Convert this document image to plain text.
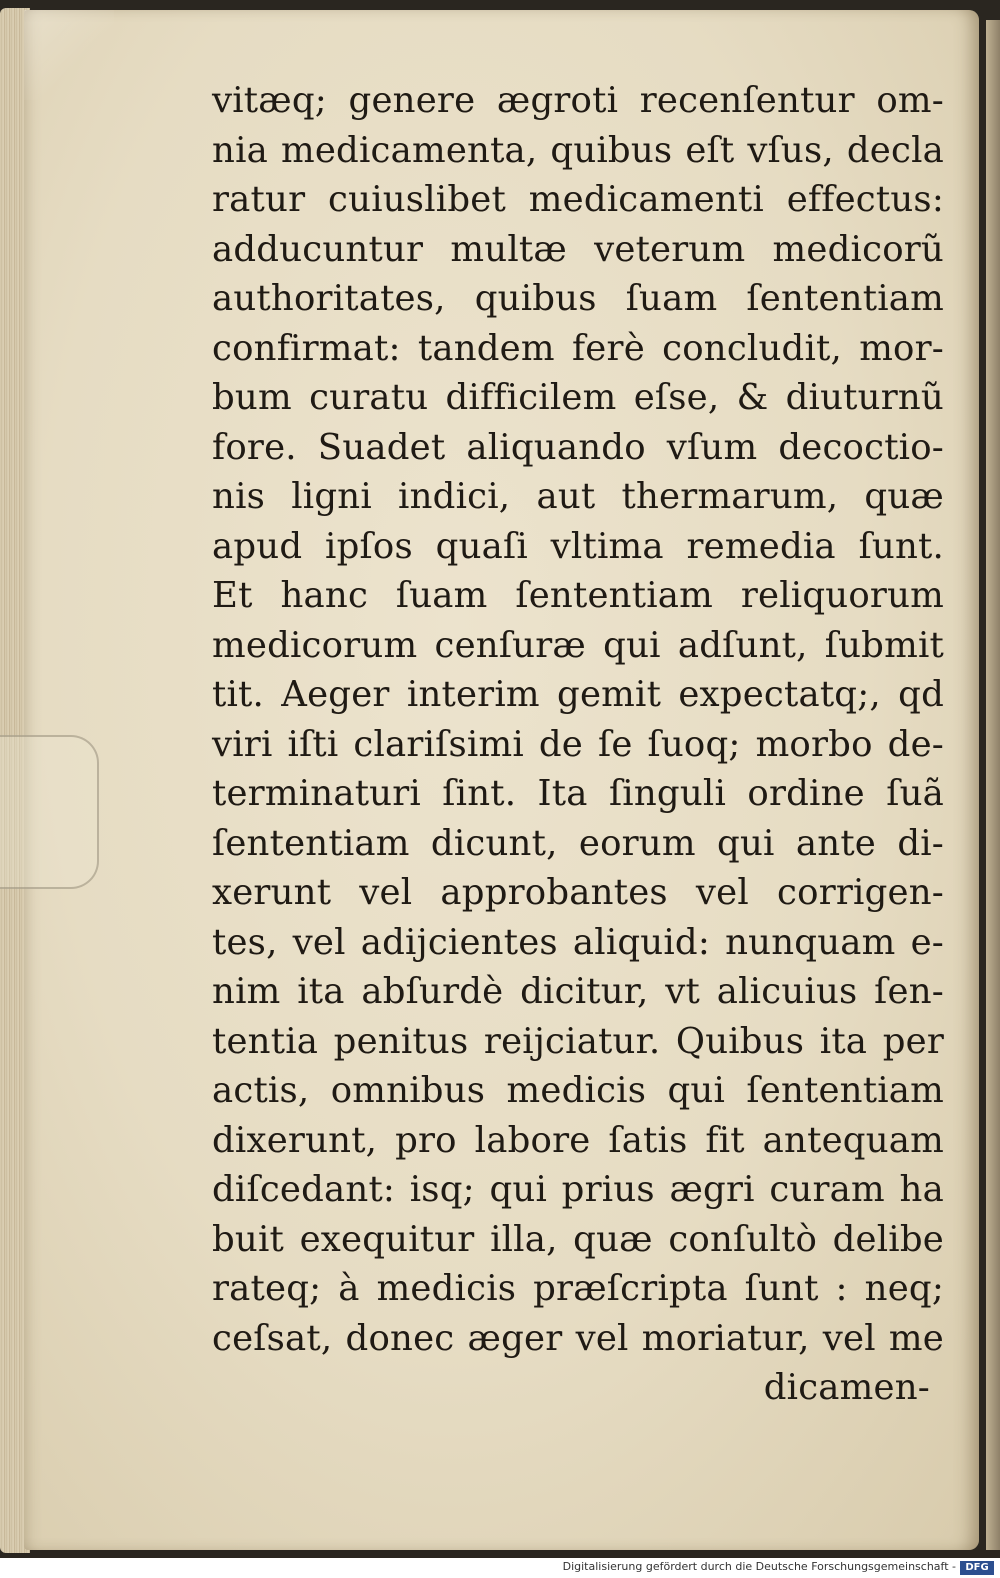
vitæq; genere ægroti recenſentur om-
nia medicamenta, quibus eſt vſus, decla
ratur cuiuslibet medicamenti effectus:
adducuntur multæ veterum medicorũ
authoritates, quibus ſuam ſententiam
confirmat: tandem ferè concludit, mor-
bum curatu difficilem eſse, & diuturnũ
fore. Suadet aliquando vſum decoctio-
nis ligni indici, aut thermarum, quæ
apud ipſos quaſi vltima remedia ſunt.
Et hanc ſuam ſententiam reliquorum
medicorum cenſuræ qui adſunt, ſubmit
tit. Aeger interim gemit expectatq;, qd
viri iſti clariſsimi de ſe ſuoq; morbo de-
terminaturi ſint. Ita ſinguli ordine ſuã
ſententiam dicunt, eorum qui ante di-
xerunt vel approbantes vel corrigen-
tes, vel adijcientes aliquid: nunquam e-
nim ita abſurdè dicitur, vt alicuius ſen-
tentia penitus reijciatur. Quibus ita per
actis, omnibus medicis qui ſententiam
dixerunt, pro labore ſatis fit antequam
diſcedant: isq; qui prius ægri curam ha
buit exequitur illa, quæ conſultò delibe
rateq; à medicis præſcripta ſunt : neq;
ceſsat, donec æger vel moriatur, vel me
dicamen-
Digitalisierung gefördert durch die Deutsche Forschungsgemeinschaft - DFG
